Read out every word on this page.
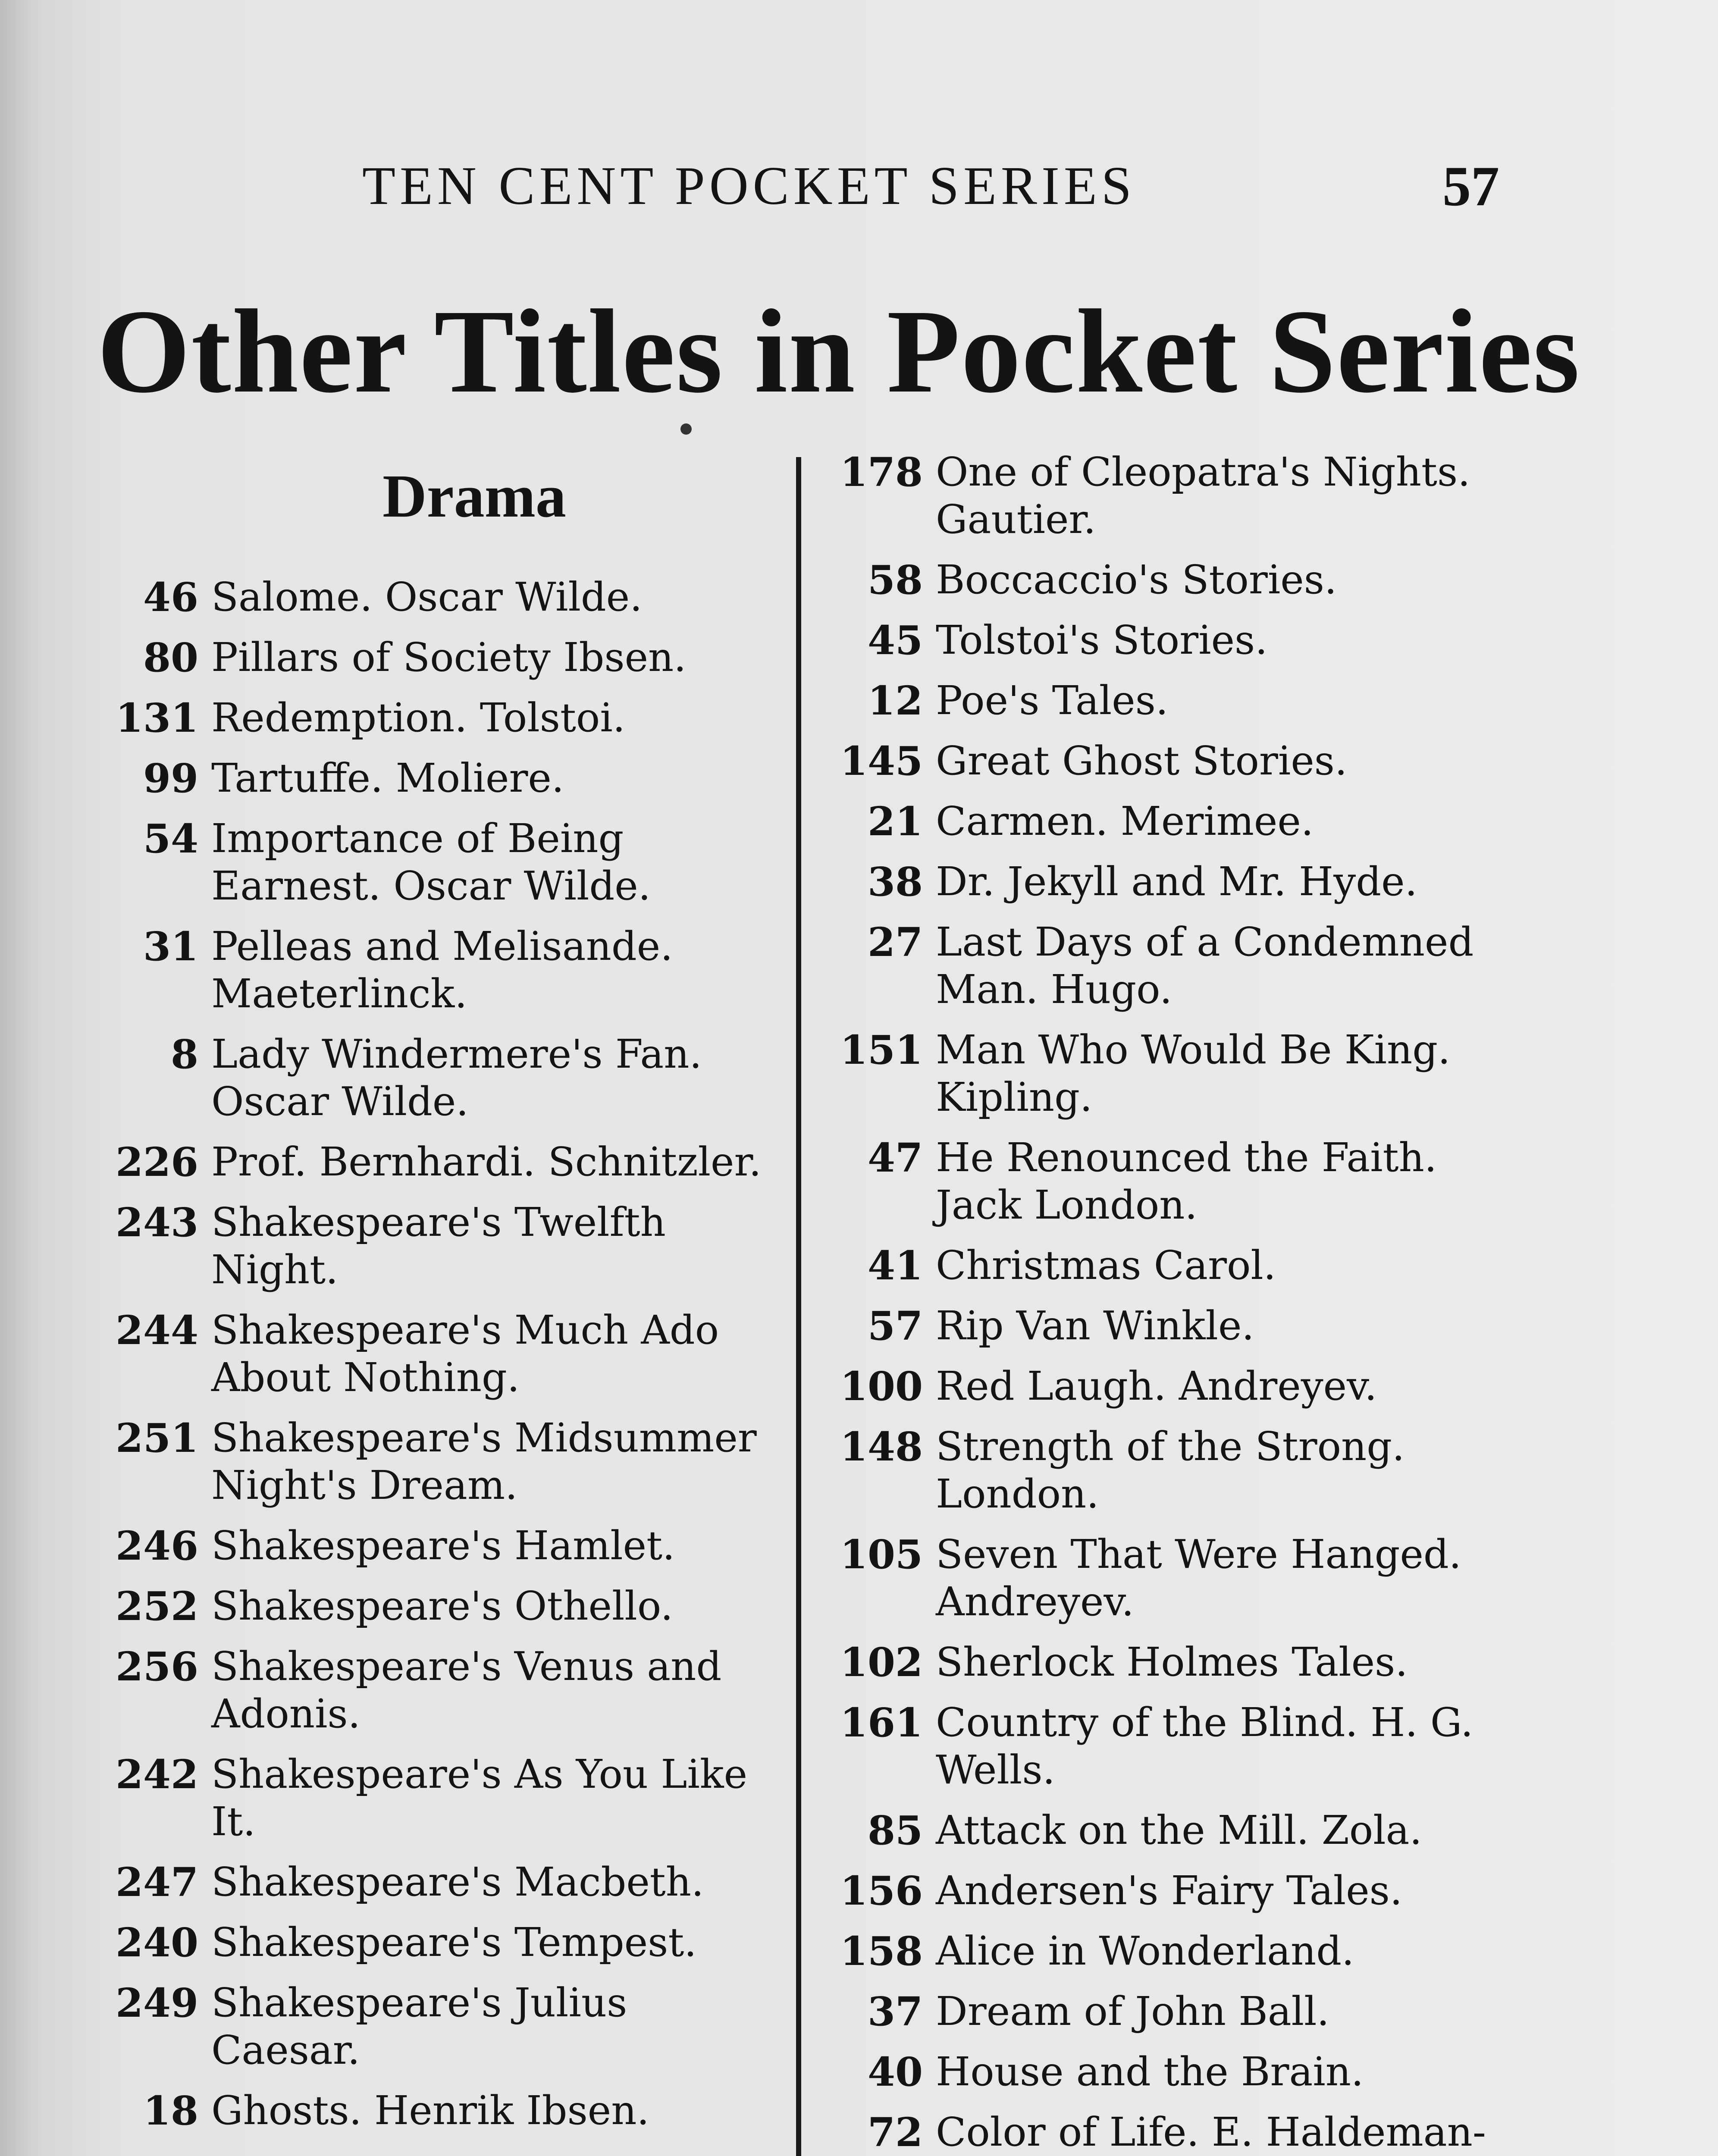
TEN CENT POCKET SERIES	57
Other Titles in Pocket Series
Drama
46 Salome. Oscar Wilde.
80 Pillars of Society Ibsen.
131 Redemption. Tolstoi.
99 Tartuffe. Moliere.
54 Importance of Being Earnest. Oscar Wilde.
31 Pelleas and Melisande. Maeterlinck.
8 Lady Windermere's Fan. Oscar Wilde.
226 Prof. Bernhardi. Schnitzler.
243 Shakespeare's Twelfth Night.
244 Shakespeare's Much Ado About Nothing.
251 Shakespeare's Midsummer Night's Dream.
246 Shakespeare's Hamlet.
252 Shakespeare's Othello.
256 Shakespeare's Venus and Adonis.
242 Shakespeare's As You Like It.
247 Shakespeare's Macbeth.
240 Shakespeare's Tempest.
249 Shakespeare's Julius Caesar.
18 Ghosts. Henrik Ibsen.
178 One of Cleopatra's Nights. Gautier.
58 Boccaccio's Stories.
45 Tolstoi's Stories.
12 Poe's Tales.
145 Great Ghost Stories.
21 Carmen. Merimee.
38 Dr. Jekyll and Mr. Hyde.
27 Last Days of a Condemned Man. Hugo.
151 Man Who Would Be King. Kipling.
47 He Renounced the Faith. Jack London.
41 Christmas Carol.
57 Rip Van Winkle.
100 Red Laugh. Andreyev.
148 Strength of the Strong. London.
105 Seven That Were Hanged. Andreyev.
102 Sherlock Holmes Tales.
161 Country of the Blind. H. G. Wells.
85 Attack on the Mill. Zola.
156 Andersen's Fairy Tales.
158 Alice in Wonderland.
37 Dream of John Ball.
40 House and the Brain.
72 Color of Life. E. Haldeman-
